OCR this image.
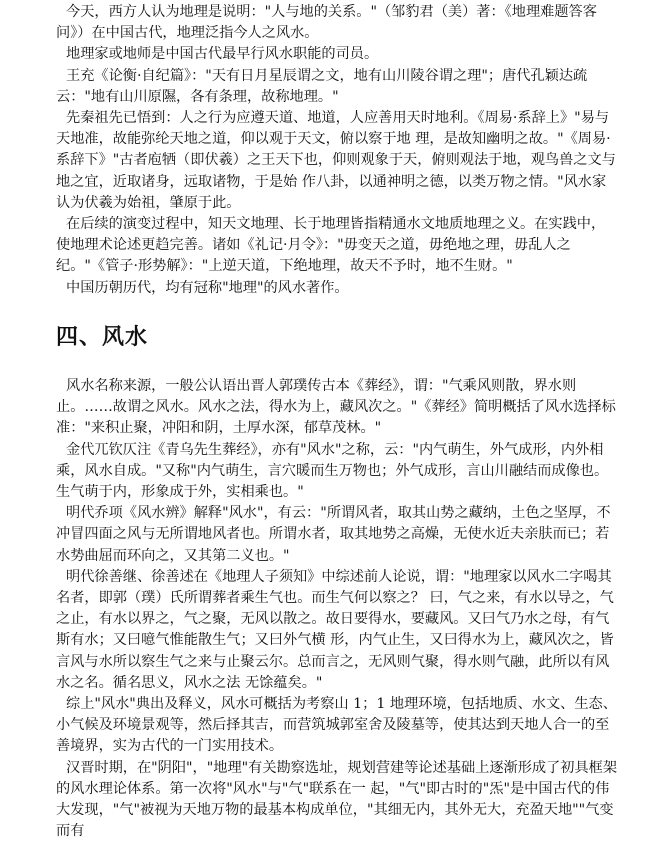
今天，西方人认为地理是说明："人与地的关系。"（邹豹君（美）著：《地理难题答客问》）在中国古代，地理泛指今人之风水。

地理家或地师是中国古代最早行风水职能的司员。

王充《论衡·自纪篇》："天有日月星辰谓之文，地有山川陵谷谓之理"；唐代孔颖达疏云："地有山川原隰，各有条理，故称地理。"

先秦祖先已悟到：人之行为应遵天道、地道，人应善用天时地利。《周易·系辞上》"易与天地准，故能弥纶天地之道，仰以观于天文，俯以察于地 理，是故知幽明之故。"《周易·系辞下》"古者庖牺（即伏羲）之王天下也，仰则观象于天，俯则观法于地，观鸟兽之文与地之宜，近取诸身，远取诸物，于是始 作八卦，以通神明之德，以类万物之情。"风水家认为伏羲为始祖，肇原于此。

在后续的演变过程中，知天文地理、长于地理皆指精通水文地质地理之义。在实践中，使地理术论述更趋完善。诸如《礼记·月令》："毋变天之道，毋绝地之理，毋乱人之纪。"《管子·形势解》："上逆天道，下绝地理，故天不予时，地不生财。"

中国历朝历代，均有冠称"地理"的风水著作。

四、风水

风水名称来源，一般公认语出晋人郭璞传古本《葬经》，谓："气乘风则散，界水则止。……故谓之风水。风水之法，得水为上，藏风次之。"《葬经》简明概括了风水选择标准："来积止聚，冲阳和阴，土厚水深，郁草茂林。"

金代兀钦仄注《青乌先生葬经》，亦有"风水"之称，云："内气萌生，外气成形，内外相乘，风水自成。"又称"内气萌生，言穴暖而生万物也；外气成形，言山川融结而成像也。生气萌于内，形象成于外，实相乘也。"

明代乔项《风水辨》解释"风水"，有云："所谓风者，取其山势之藏纳，土色之坚厚，不冲冒四面之风与无所谓地风者也。所谓水者，取其地势之高燥，无使水近夫亲肤而已；若水势曲屈而环向之，又其第二义也。"

明代徐善继、徐善述在《地理人子须知》中综述前人论说，谓："地理家以风水二字喝其名者，即郭（璞）氏所谓葬者乘生气也。而生气何以察之？ 曰，气之来，有水以导之，气之止，有水以界之，气之聚，无风以散之。故日要得水，要藏风。又曰气乃水之母，有气斯有水；又曰噫气惟能散生气；又曰外气横 形，内气止生，又曰得水为上，藏风次之，皆言风与水所以察生气之来与止聚云尔。总而言之，无风则气聚，得水则气融，此所以有风水之名。循名思义，风水之法 无馀蕴矣。"

综上"风水"典出及释义，风水可概括为考察山 1；1 地理环境，包括地质、水文、生态、小气候及环境景观等，然后择其吉，而营筑城郭室舍及陵墓等，使其达到天地人合一的至善境界，实为古代的一门实用技术。

汉晋时期，在"阴阳"，"地理"有关勘察选址，规划营建等论述基础上逐渐形成了初具框架的风水理论体系。第一次将"风水"与"气"联系在一 起，"气"即古时的"炁"是中国古代的伟大发现，"气"被视为天地万物的最基本构成单位，"其细无内，其外无大，充盈天地""气变而有
